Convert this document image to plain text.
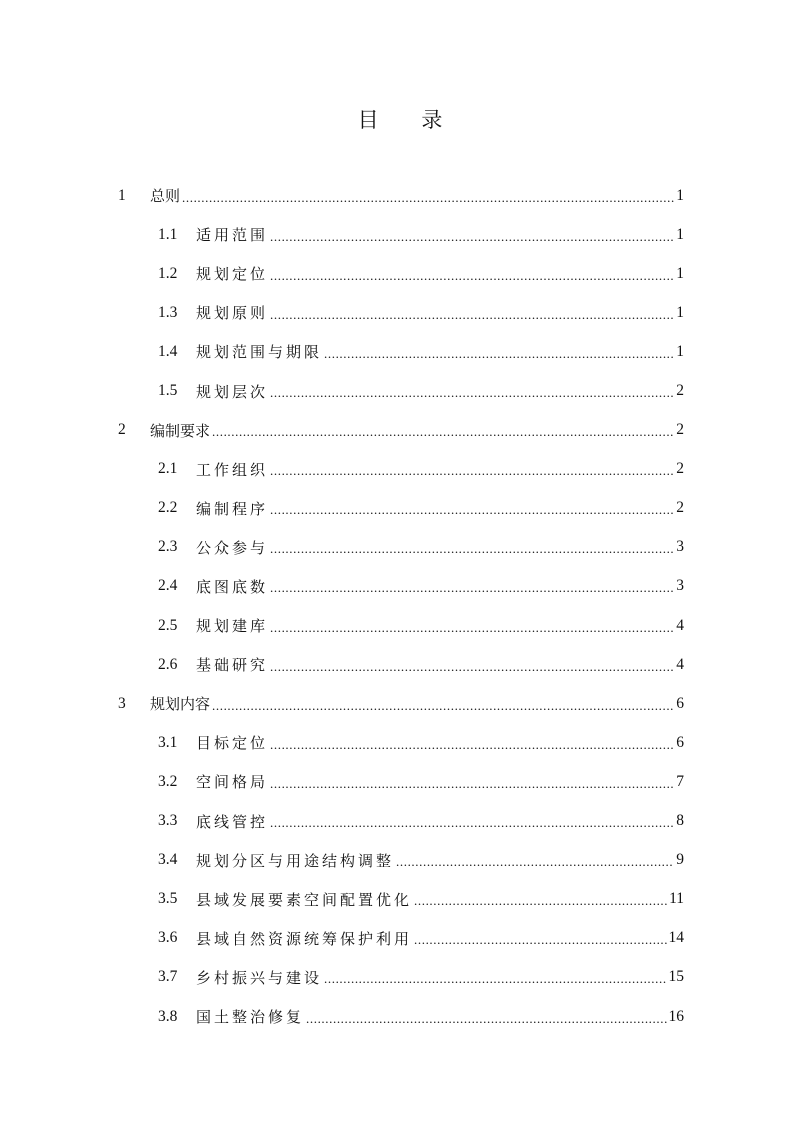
目 录
1	总则 .....	1
1.1	适用范围 .....	1
1.2	规划定位 .....	1
1.3	规划原则 .....	1
1.4	规划范围与期限 .....	1
1.5	规划层次 .....	2
2	编制要求 .....	2
2.1	工作组织 .....	2
2.2	编制程序 .....	2
2.3	公众参与 .....	3
2.4	底图底数 .....	3
2.5	规划建库 .....	4
2.6	基础研究 .....	4
3	规划内容 .....	6
3.1	目标定位 .....	6
3.2	空间格局 .....	7
3.3	底线管控 .....	8
3.4	规划分区与用途结构调整 .....	9
3.5	县域发展要素空间配置优化 .....	11
3.6	县域自然资源统筹保护利用 .....	14
3.7	乡村振兴与建设 .....	15
3.8	国土整治修复 .....	16
